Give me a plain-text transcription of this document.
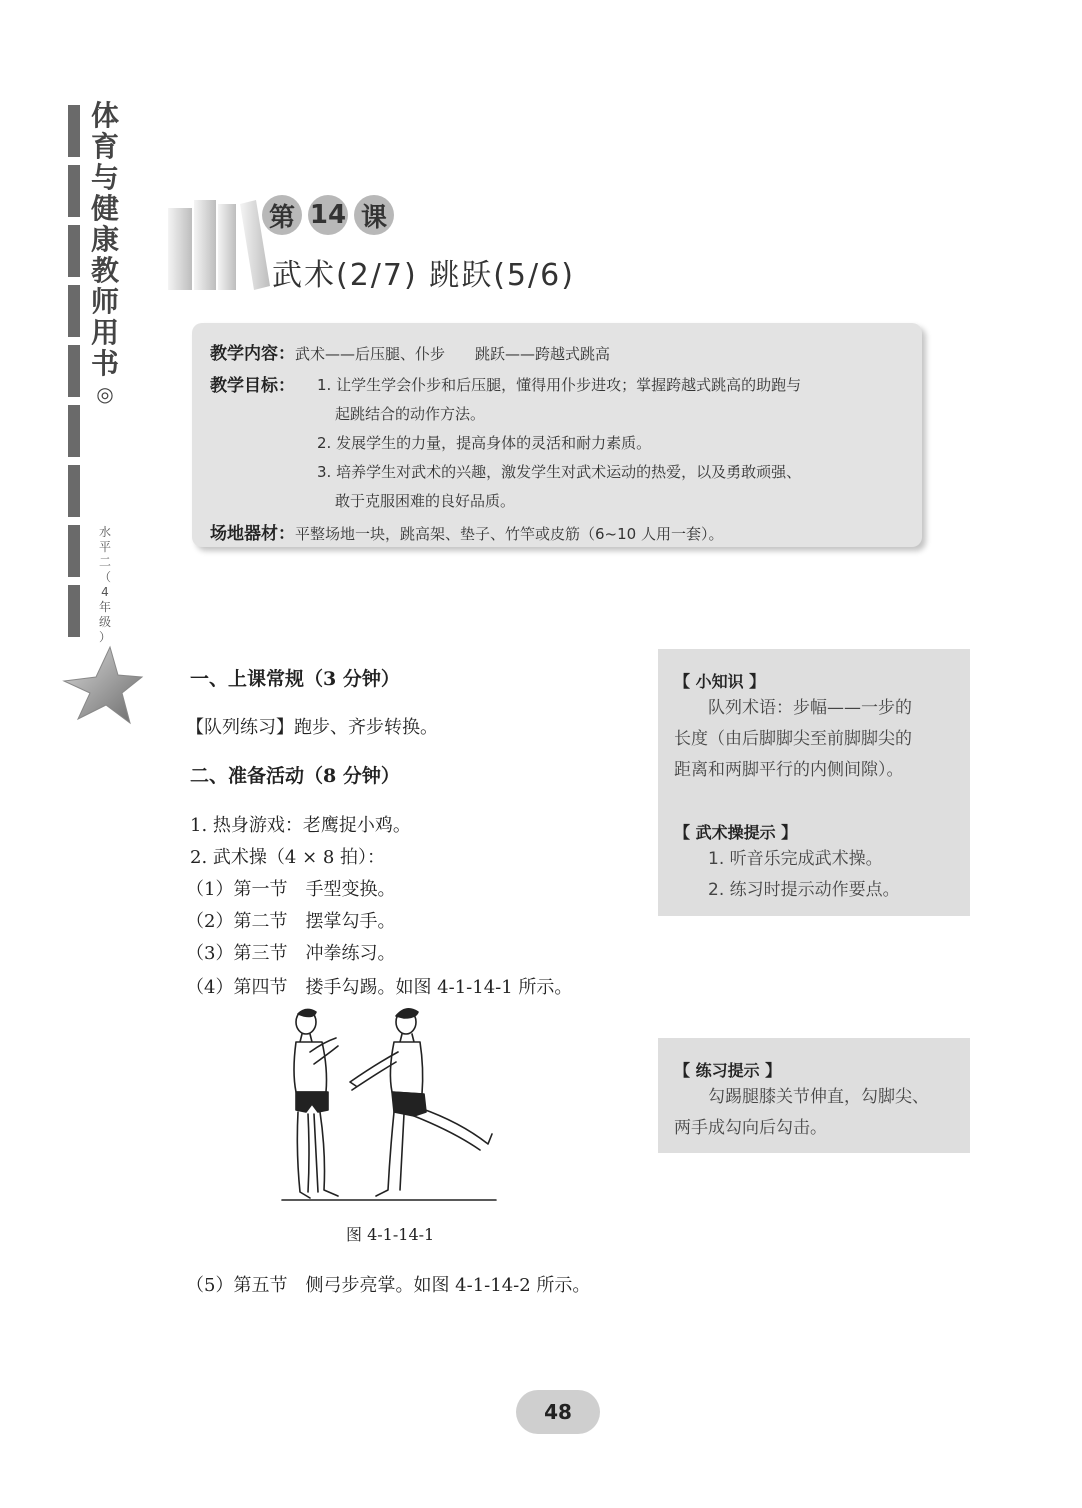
体
育
与
健
康
教
师
用
书
◎
水
平
二
（
4
年
级
）
第 14 课
武术(2/7) 跳跃(5/6)
教学内容：武术——后压腿、仆步　　跳跃——跨越式跳高
教学目标： 1. 让学生学会仆步和后压腿，懂得用仆步进攻；掌握跨越式跳高的助跑与
起跳结合的动作方法。
2. 发展学生的力量，提高身体的灵活和耐力素质。
3. 培养学生对武术的兴趣，激发学生对武术运动的热爱，以及勇敢顽强、
敢于克服困难的良好品质。
场地器材：平整场地一块，跳高架、垫子、竹竿或皮筋（6~10 人用一套）。
一、上课常规（3 分钟）
【队列练习】跑步、齐步转换。
二、准备活动（8 分钟）
1. 热身游戏：老鹰捉小鸡。
2. 武术操（4 × 8 拍）：
（1）第一节　手型变换。
（2）第二节　摆掌勾手。
（3）第三节　冲拳练习。
（4）第四节　搂手勾踢。如图 4-1-14-1 所示。
图 4-1-14-1
（5）第五节　侧弓步亮掌。如图 4-1-14-2 所示。
【 小知识 】
　　队列术语：步幅——一步的
长度（由后脚脚尖至前脚脚尖的
距离和两脚平行的内侧间隙）。
【 武术操提示 】
　　1. 听音乐完成武术操。
　　2. 练习时提示动作要点。
【 练习提示 】
　　勾踢腿膝关节伸直，勾脚尖、
两手成勾向后勾击。
48
